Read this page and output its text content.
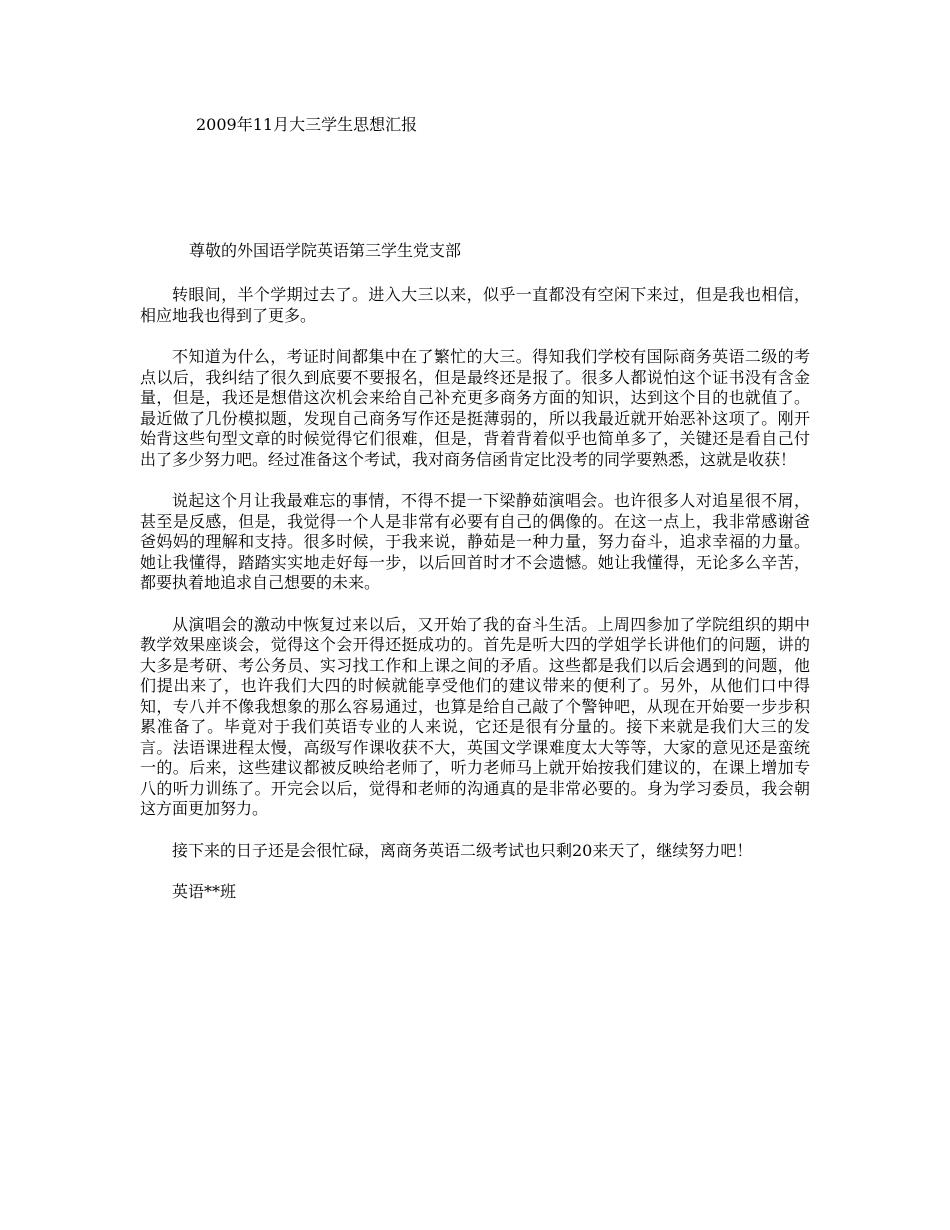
2009年11月大三学生思想汇报
尊敬的外国语学院英语第三学生党支部

转眼间，半个学期过去了。进入大三以来，似乎一直都没有空闲下来过，但是我也相信，相应地我也得到了更多。

不知道为什么，考证时间都集中在了繁忙的大三。得知我们学校有国际商务英语二级的考点以后，我纠结了很久到底要不要报名，但是最终还是报了。很多人都说怕这个证书没有含金量，但是，我还是想借这次机会来给自己补充更多商务方面的知识，达到这个目的也就值了。最近做了几份模拟题，发现自己商务写作还是挺薄弱的，所以我最近就开始恶补这项了。刚开始背这些句型文章的时候觉得它们很难，但是，背着背着似乎也简单多了，关键还是看自己付出了多少努力吧。经过准备这个考试，我对商务信函肯定比没考的同学要熟悉，这就是收获！

说起这个月让我最难忘的事情，不得不提一下梁静茹演唱会。也许很多人对追星很不屑，甚至是反感，但是，我觉得一个人是非常有必要有自己的偶像的。在这一点上，我非常感谢爸爸妈妈的理解和支持。很多时候，于我来说，静茹是一种力量，努力奋斗，追求幸福的力量。她让我懂得，踏踏实实地走好每一步，以后回首时才不会遗憾。她让我懂得，无论多么辛苦，都要执着地追求自己想要的未来。

从演唱会的激动中恢复过来以后，又开始了我的奋斗生活。上周四参加了学院组织的期中教学效果座谈会，觉得这个会开得还挺成功的。首先是听大四的学姐学长讲他们的问题，讲的大多是考研、考公务员、实习找工作和上课之间的矛盾。这些都是我们以后会遇到的问题，他们提出来了，也许我们大四的时候就能享受他们的建议带来的便利了。另外，从他们口中得知，专八并不像我想象的那么容易通过，也算是给自己敲了个警钟吧，从现在开始要一步步积累准备了。毕竟对于我们英语专业的人来说，它还是很有分量的。接下来就是我们大三的发言。法语课进程太慢，高级写作课收获不大，英国文学课难度太大等等，大家的意见还是蛮统一的。后来，这些建议都被反映给老师了，听力老师马上就开始按我们建议的，在课上增加专八的听力训练了。开完会以后，觉得和老师的沟通真的是非常必要的。身为学习委员，我会朝这方面更加努力。

接下来的日子还是会很忙碌，离商务英语二级考试也只剩20来天了，继续努力吧！

英语**班
